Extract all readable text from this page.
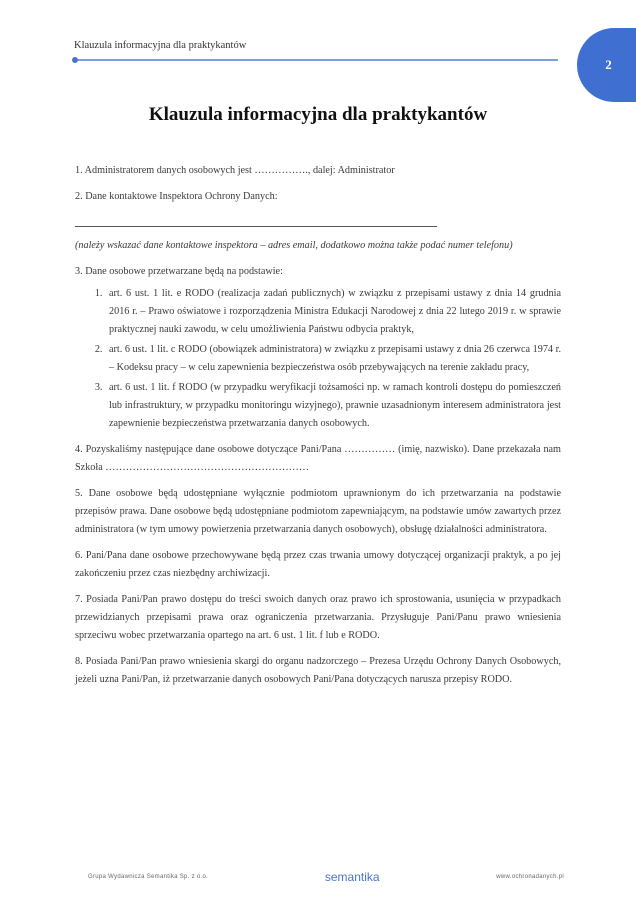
Klauzula informacyjna dla praktykantów
2
Klauzula informacyjna dla praktykantów

1. Administratorem danych osobowych jest ……………., dalej: Administrator

2. Dane kontaktowe Inspektora Ochrony Danych:

(należy wskazać dane kontaktowe inspektora – adres email, dodatkowo można także podać numer telefonu)

3. Dane osobowe przetwarzane będą na podstawie:

1. art. 6 ust. 1 lit. e RODO (realizacja zadań publicznych) w związku z przepisami ustawy z dnia 14 grudnia 2016 r. – Prawo oświatowe i rozporządzenia Ministra Edukacji Narodowej z dnia 22 lutego 2019 r. w sprawie praktycznej nauki zawodu, w celu umożliwienia Państwu odbycia praktyk,
2. art. 6 ust. 1 lit. c RODO (obowiązek administratora) w związku z przepisami ustawy z dnia 26 czerwca 1974 r. – Kodeksu pracy – w celu zapewnienia bezpieczeństwa osób przebywających na terenie zakładu pracy,
3. art. 6 ust. 1 lit. f RODO (w przypadku weryfikacji tożsamości np. w ramach kontroli dostępu do pomieszczeń lub infrastruktury, w przypadku monitoringu wizyjnego), prawnie uzasadnionym interesem administratora jest zapewnienie bezpieczeństwa przetwarzania danych osobowych.

4. Pozyskaliśmy następujące dane osobowe dotyczące Pani/Pana …………… (imię, nazwisko). Dane przekazała nam Szkoła ……………………………………………………

5. Dane osobowe będą udostępniane wyłącznie podmiotom uprawnionym do ich przetwarzania na podstawie przepisów prawa. Dane osobowe będą udostępniane podmiotom zapewniającym, na podstawie umów zawartych przez administratora (w tym umowy powierzenia przetwarzania danych osobowych), obsługę działalności administratora.

6. Pani/Pana dane osobowe przechowywane będą przez czas trwania umowy dotyczącej organizacji praktyk, a po jej zakończeniu przez czas niezbędny archiwizacji.

7. Posiada Pani/Pan prawo dostępu do treści swoich danych oraz prawo ich sprostowania, usunięcia w przypadkach przewidzianych przepisami prawa oraz ograniczenia przetwarzania. Przysługuje Pani/Panu prawo wniesienia sprzeciwu wobec przetwarzania opartego na art. 6 ust. 1 lit. f lub e RODO.

8. Posiada Pani/Pan prawo wniesienia skargi do organu nadzorczego – Prezesa Urzędu Ochrony Danych Osobowych, jeżeli uzna Pani/Pan, iż przetwarzanie danych osobowych Pani/Pana dotyczących narusza przepisy RODO.

Grupa Wydawnicza Semantika Sp. z o.o.	semantika	www.ochronadanych.pl
